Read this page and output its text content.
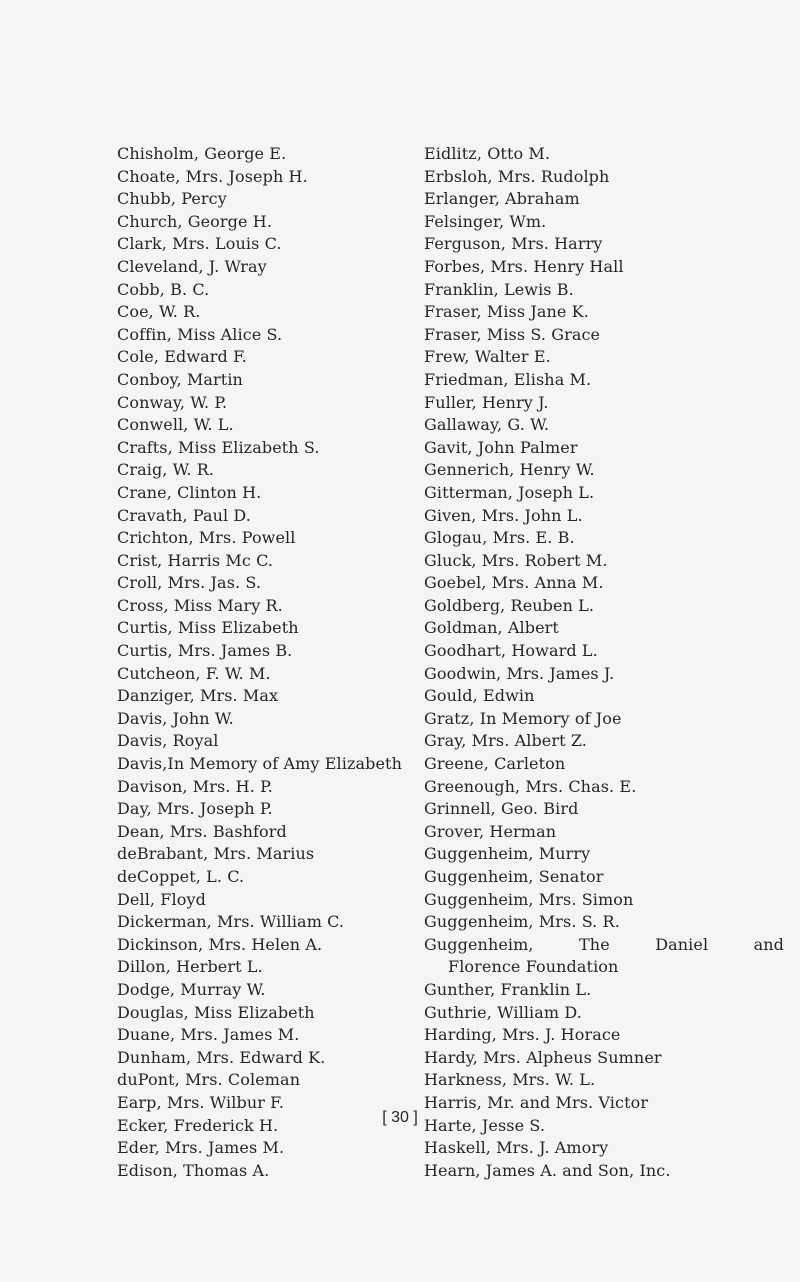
Chisholm, George E.
Choate, Mrs. Joseph H.
Chubb, Percy
Church, George H.
Clark, Mrs. Louis C.
Cleveland, J. Wray
Cobb, B. C.
Coe, W. R.
Coffin, Miss Alice S.
Cole, Edward F.
Conboy, Martin
Conway, W. P.
Conwell, W. L.
Crafts, Miss Elizabeth S.
Craig, W. R.
Crane, Clinton H.
Cravath, Paul D.
Crichton, Mrs. Powell
Crist, Harris Mc C.
Croll, Mrs. Jas. S.
Cross, Miss Mary R.
Curtis, Miss Elizabeth
Curtis, Mrs. James B.
Cutcheon, F. W. M.
Danziger, Mrs. Max
Davis, John W.
Davis, Royal
Davis,In Memory of Amy Elizabeth
Davison, Mrs. H. P.
Day, Mrs. Joseph P.
Dean, Mrs. Bashford
deBrabant, Mrs. Marius
deCoppet, L. C.
Dell, Floyd
Dickerman, Mrs. William C.
Dickinson, Mrs. Helen A.
Dillon, Herbert L.
Dodge, Murray W.
Douglas, Miss Elizabeth
Duane, Mrs. James M.
Dunham, Mrs. Edward K.
duPont, Mrs. Coleman
Earp, Mrs. Wilbur F.
Ecker, Frederick H.
Eder, Mrs. James M.
Edison, Thomas A.
Eidlitz, Otto M.
Erbsloh, Mrs. Rudolph
Erlanger, Abraham
Felsinger, Wm.
Ferguson, Mrs. Harry
Forbes, Mrs. Henry Hall
Franklin, Lewis B.
Fraser, Miss Jane K.
Fraser, Miss S. Grace
Frew, Walter E.
Friedman, Elisha M.
Fuller, Henry J.
Gallaway, G. W.
Gavit, John Palmer
Gennerich, Henry W.
Gitterman, Joseph L.
Given, Mrs. John L.
Glogau, Mrs. E. B.
Gluck, Mrs. Robert M.
Goebel, Mrs. Anna M.
Goldberg, Reuben L.
Goldman, Albert
Goodhart, Howard L.
Goodwin, Mrs. James J.
Gould, Edwin
Gratz, In Memory of Joe
Gray, Mrs. Albert Z.
Greene, Carleton
Greenough, Mrs. Chas. E.
Grinnell, Geo. Bird
Grover, Herman
Guggenheim, Murry
Guggenheim, Senator
Guggenheim, Mrs. Simon
Guggenheim, Mrs. S. R.
Guggenheim,	The	Daniel	and
Florence Foundation
Gunther, Franklin L.
Guthrie, William D.
Harding, Mrs. J. Horace
Hardy, Mrs. Alpheus Sumner
Harkness, Mrs. W. L.
Harris, Mr. and Mrs. Victor
Harte, Jesse S.
Haskell, Mrs. J. Amory
Hearn, James A. and Son, Inc.
[ 30 ]
